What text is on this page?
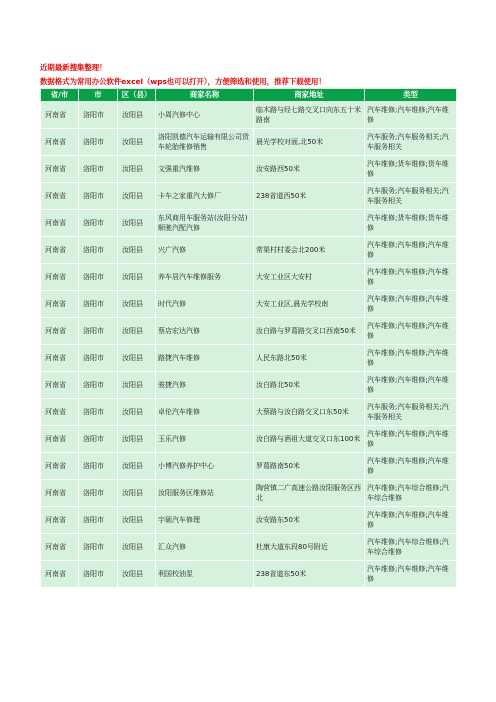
近期最新搜集整理！
数据格式为常用办公软件excel（wps也可以打开），方便筛选和使用，推荐下载使用！
省/市	市	区（县）	商家名称	商家地址	类型
河南省	洛阳市	汝阳县	小周汽修中心	临木路与经七路交叉口向东五十米路南	汽车维修;汽车维修;汽车维修
河南省	洛阳市	汝阳县	洛阳凯德汽车运输有限公司货车轮胎维修销售	晨光学校对面,北50米	汽车服务;汽车服务相关;汽车服务相关
河南省	洛阳市	汝阳县	文强重汽维修	汝安路西50米	汽车维修;货车维修;货车维修
河南省	洛阳市	汝阳县	卡车之家重汽大修厂	238省道西50米	汽车服务;汽车服务相关;汽车服务相关
河南省	洛阳市	汝阳县	东风商用车服务站(汝阳分站)顺驰汽配汽修		汽车维修;货车维修;货车维修
河南省	洛阳市	汝阳县	兴广汽修	常渠村村委会北200米	汽车维修;汽车维修;汽车维修
河南省	洛阳市	汝阳县	养车居汽车维修服务	大安工业区大安村	汽车维修;汽车维修;汽车维修
河南省	洛阳市	汝阳县	时代汽修	大安工业区,晨光学校南	汽车维修;汽车维修;汽车维修
河南省	洛阳市	汝阳县	蔡店宏达汽修	汝白路与罗葛路交叉口西南50米	汽车维修;汽车维修;汽车维修
河南省	洛阳市	汝阳县	路捷汽车维修	人民东路北50米	汽车维修;汽车维修;汽车维修
河南省	洛阳市	汝阳县	骏捷汽修	汝白路北50米	汽车维修;汽车维修;汽车维修
河南省	洛阳市	汝阳县	卓伦汽车维修	大蔡路与汝白路交叉口东50米	汽车服务;汽车服务相关;汽车服务相关
河南省	洛阳市	汝阳县	玉乐汽修	汝白路与酒祖大道交叉口东100米	汽车维修;汽车维修;汽车维修
河南省	洛阳市	汝阳县	小博汽修养护中心	罗葛路南50米	汽车维修;汽车维修;汽车维修
河南省	洛阳市	汝阳县	汝阳服务区维修站	陶营镇二广高速公路汝阳服务区西北	汽车维修;汽车综合维修;汽车综合维修
河南省	洛阳市	汝阳县	宇硕汽车修理	汝安路东50米	汽车维修;汽车维修;汽车维修
河南省	洛阳市	汝阳县	汇众汽修	杜康大道东段80号附近	汽车维修;汽车综合维修;汽车综合维修
河南省	洛阳市	汝阳县	利国校油泵	238省道东50米	汽车维修;汽车维修;汽车维修
